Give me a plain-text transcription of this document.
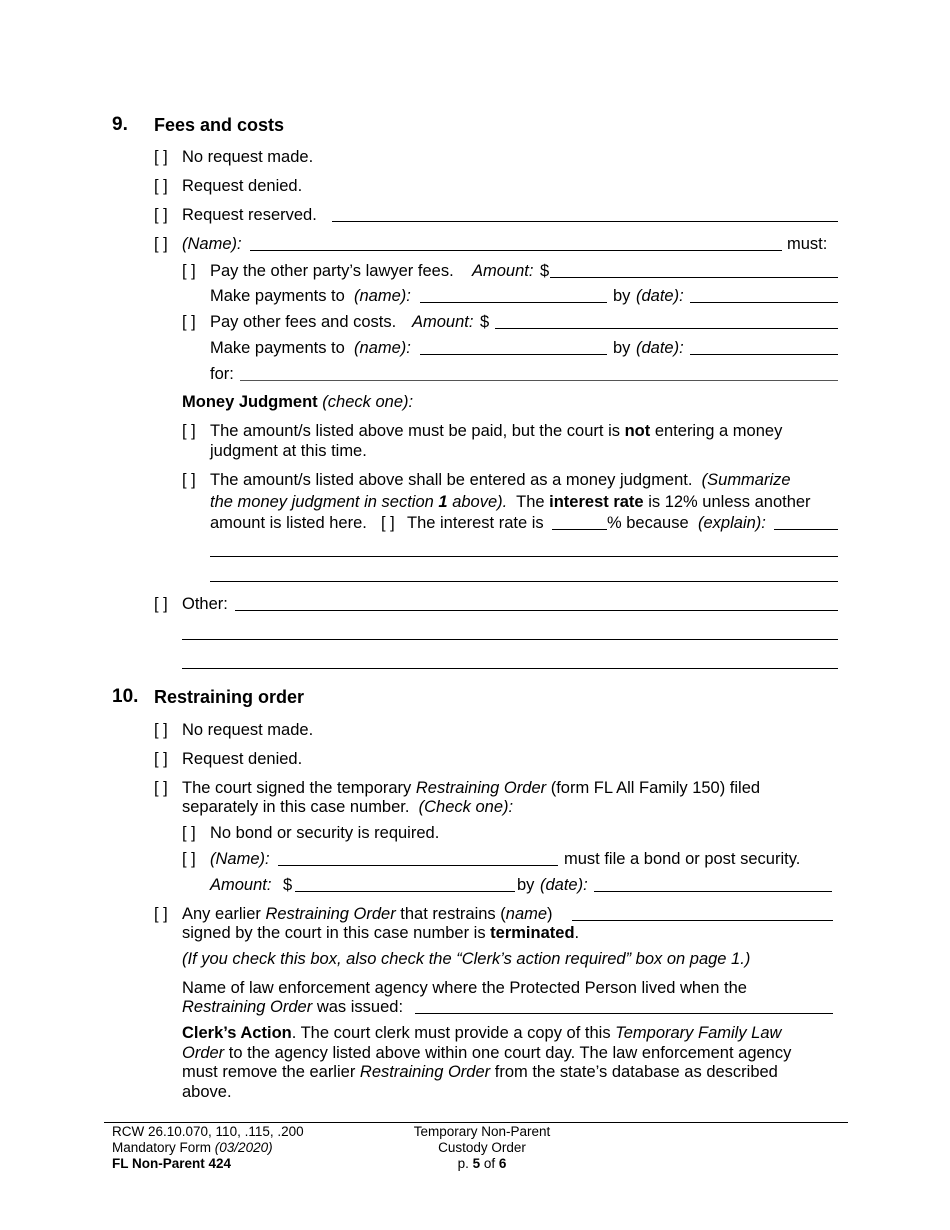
9. Fees and costs
[ ] No request made.
[ ] Request denied.
[ ] Request reserved.
[ ] (Name):	must:
[ ] Pay the other party’s lawyer fees. Amount: $
Make payments to (name):	by (date):
[ ] Pay other fees and costs. Amount: $
Make payments to (name):	by (date):
for:
Money Judgment (check one):
[ ] The amount/s listed above must be paid, but the court is not entering a money
judgment at this time.
[ ] The amount/s listed above shall be entered as a money judgment. (Summarize
the money judgment in section 1 above). The interest rate is 12% unless another
amount is listed here. [ ] The interest rate is	% because (explain):
[ ] Other:
10. Restraining order
[ ] No request made.
[ ] Request denied.
[ ] The court signed the temporary Restraining Order (form FL All Family 150) filed
separately in this case number. (Check one):
[ ] No bond or security is required.
[ ] (Name):	must file a bond or post security.
Amount: $	by (date):
[ ] Any earlier Restraining Order that restrains (name)
signed by the court in this case number is terminated.
(If you check this box, also check the “Clerk’s action required” box on page 1.)
Name of law enforcement agency where the Protected Person lived when the
Restraining Order was issued:
Clerk’s Action. The court clerk must provide a copy of this Temporary Family Law
Order to the agency listed above within one court day. The law enforcement agency
must remove the earlier Restraining Order from the state’s database as described
above.
RCW 26.10.070, 110, .115, .200
Mandatory Form (03/2020)
FL Non-Parent 424
Temporary Non-Parent
Custody Order
p. 5 of 6
